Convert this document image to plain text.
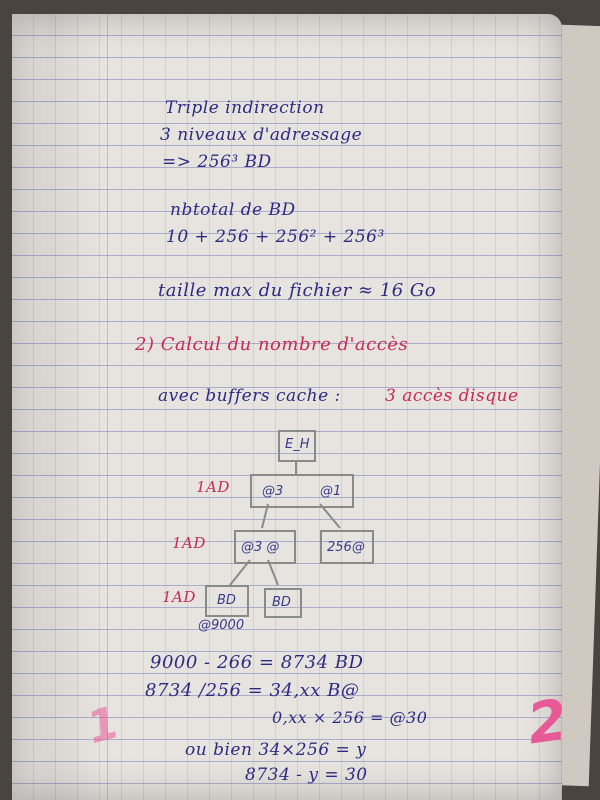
Triple indirection
3 niveaux d'adressage
=> 256³ BD
nbtotal de BD
10 + 256 + 256² + 256³
taille max du fichier ≈ 16 Go
2) Calcul du nombre d'accès
avec buffers cache :	3 accès disque
E_H
1AD @3	@1
1AD	@3 @	256@
1AD BD	BD
@9000
9000 - 266 = 8734 BD
8734 /256 = 34,xx B@
0,xx × 256 = @30
ou bien 34×256 = y
8734 - y = 30
1	2
